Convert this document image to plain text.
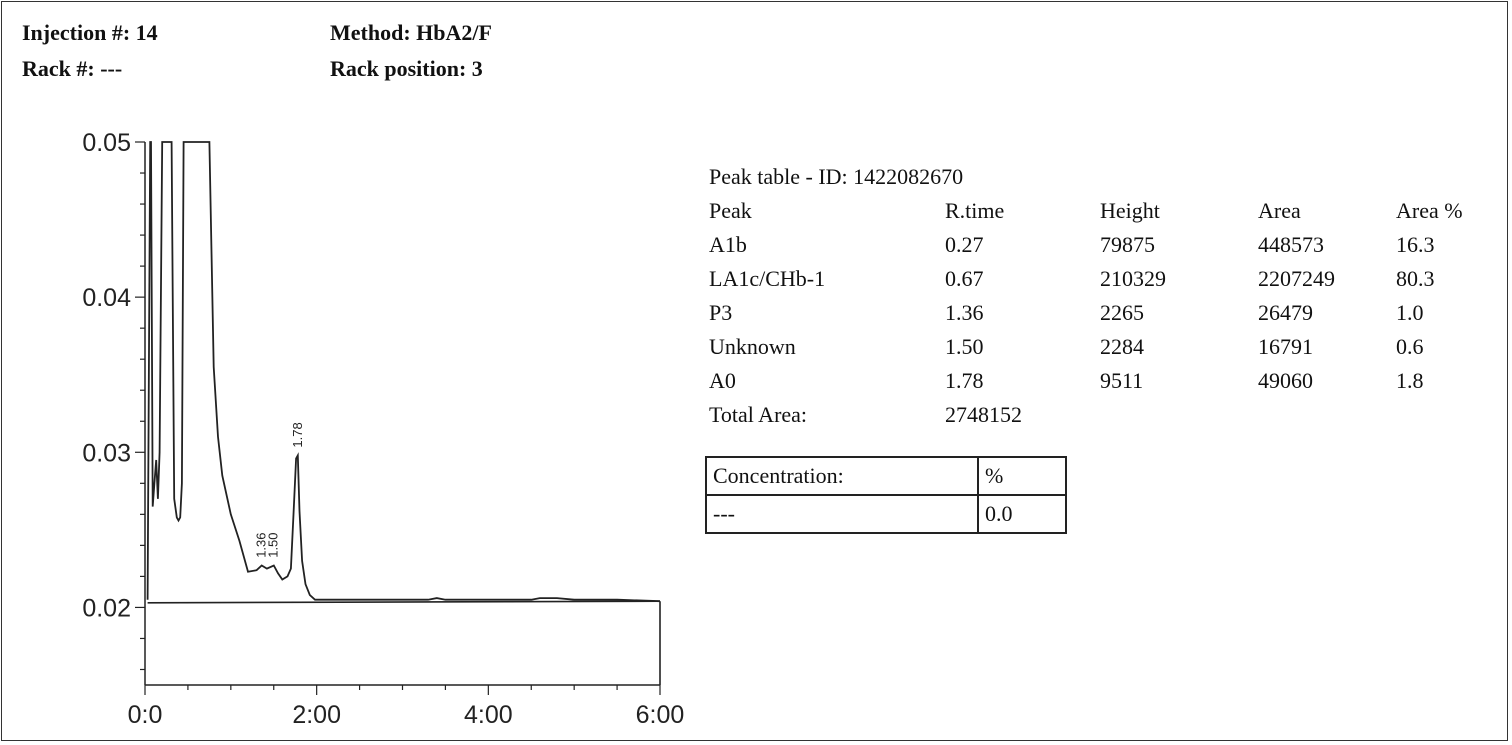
Injection #: 14
Rack #: ---
Method: HbA2/F
Rack position: 3
0.02
0.03
0.04
0.05
0:0	2:00	4:00	6:00
1.36
1.50
1.78
Peak table - ID: 1422082670
Peak	R.time	Height	Area	Area %
A1b	0.27	79875	448573	16.3
LA1c/CHb-1	0.67	210329	2207249	80.3
P3	1.36	2265	26479	1.0
Unknown	1.50	2284	16791	0.6
A0	1.78	9511	49060	1.8
Total Area:	2748152
Concentration:	%
---	0.0
